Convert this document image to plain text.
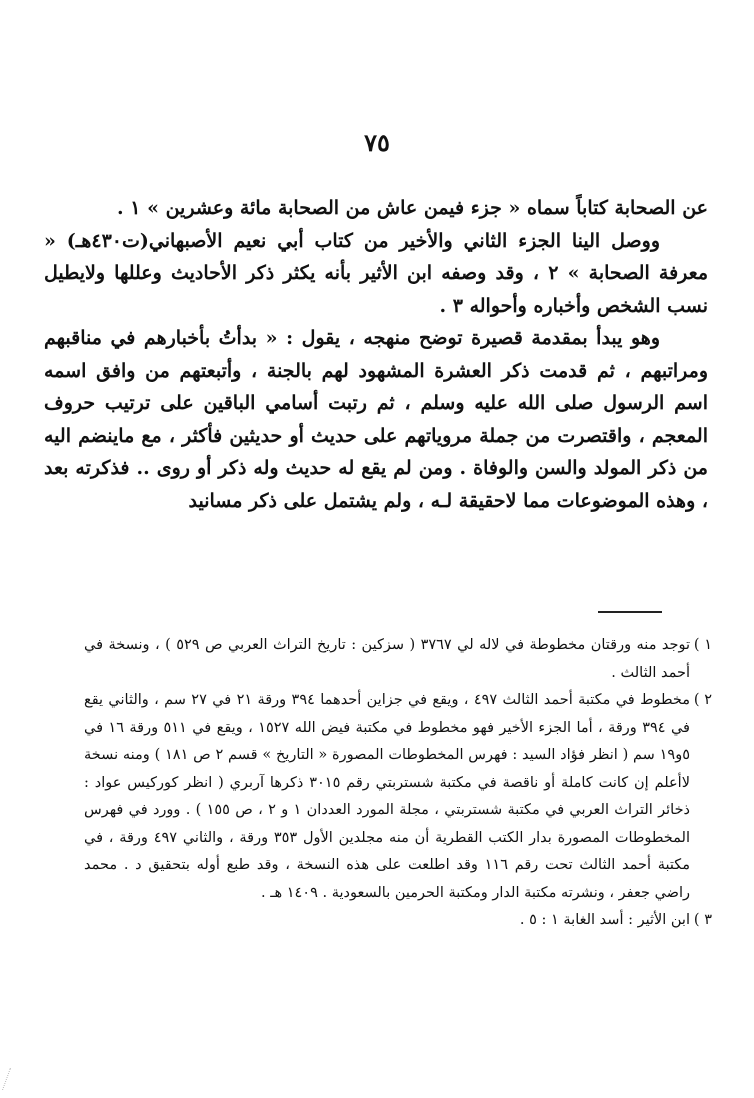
٧٥

عن الصحابة كتاباً سماه « جزء فيمن عاش من الصحابة مائة وعشرين » ١ .

ووصل الينا الجزء الثاني والأخير من كتاب أبي نعيم الأصبهاني(ت٤٣٠هـ) « معرفة الصحابة » ٢ ، وقد وصفه ابن الأثير بأنه يكثر ذكر الأحاديث وعللها ولايطيل نسب الشخص وأخباره وأحواله ٣ .

وهو يبدأ بمقدمة قصيرة توضح منهجه ، يقول : « بدأتُ بأخبارهم في مناقبهم ومراتبهم ، ثم قدمت ذكر العشرة المشهود لهم بالجنة ، وأتبعتهم من وافق اسمه اسم الرسول صلى الله عليه وسلم ، ثم رتبت أسامي الباقين على ترتيب حروف المعجم ، واقتصرت من جملة مروياتهم على حديث أو حديثين فأكثر ، مع ماينضم اليه من ذكر المولد والسن والوفاة . ومن لم يقع له حديث وله ذكر أو روى .. فذكرته بعد ، وهذه الموضوعات مما لاحقيقة لـه ، ولم يشتمل على ذكر مسانيد

١ )
توجد منه ورقتان مخطوطة في لاله لي ٣٧٦٧ ( سزكين : تاريخ التراث العربي ص ٥٢٩ ) ، ونسخة في أحمد الثالث .

٢ )
مخطوط في مكتبة أحمد الثالث ٤٩٧ ، ويقع في جزاين أحدهما ٣٩٤ ورقة ٢١ في ٢٧ سم ، والثاني يقع في ٣٩٤ ورقة ، أما الجزء الأخير فهو مخطوط في مكتبة فيض الله ١٥٢٧ ، ويقع في ٥١١ ورقة ١٦ في ٥و١٩ سم ( انظر فؤاد السيد : فهرس المخطوطات المصورة « التاريخ » قسم ٢ ص ١٨١ ) ومنه نسخة لاأعلم إن كانت كاملة أو ناقصة في مكتبة شستربتي رقم ٣٠١٥ ذكرها آربري ( انظر كوركيس عواد : ذخائر التراث العربي في مكتبة شستربتي ، مجلة المورد العددان ١ و ٢ ، ص ١٥٥ ) . وورد في فهرس المخطوطات المصورة بدار الكتب القطرية أن منه مجلدين الأول ٣٥٣ ورقة ، والثاني ٤٩٧ ورقة ، في مكتبة أحمد الثالث تحت رقم ١١٦ وقد اطلعت على هذه النسخة ، وقد طبع أوله بتحقيق د . محمد راضي جعفر ، ونشرته مكتبة الدار ومكتبة الحرمين بالسعودية . ١٤٠٩ هـ .

٣ )
ابن الأثير : أسد الغابة ١ : ٥ .
